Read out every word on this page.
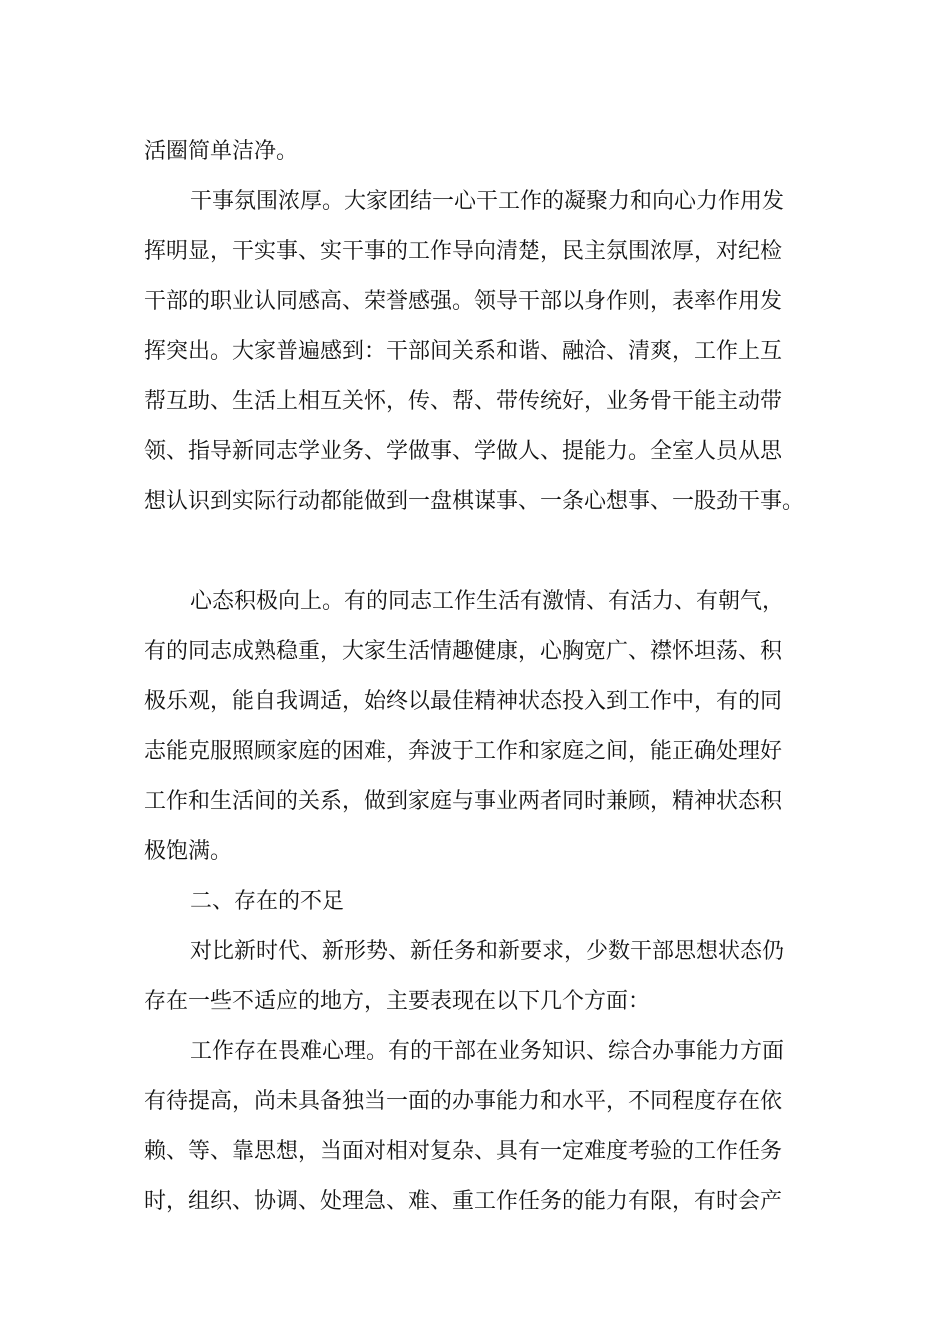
活圈简单洁净。
干事氛围浓厚。大家团结一心干工作的凝聚力和向心力作用发
挥明显，干实事、实干事的工作导向清楚，民主氛围浓厚，对纪检
干部的职业认同感高、荣誉感强。领导干部以身作则，表率作用发
挥突出。大家普遍感到：干部间关系和谐、融洽、清爽，工作上互
帮互助、生活上相互关怀，传、帮、带传统好，业务骨干能主动带
领、指导新同志学业务、学做事、学做人、提能力。全室人员从思
想认识到实际行动都能做到一盘棋谋事、一条心想事、一股劲干事。
心态积极向上。有的同志工作生活有激情、有活力、有朝气，
有的同志成熟稳重，大家生活情趣健康，心胸宽广、襟怀坦荡、积
极乐观，能自我调适，始终以最佳精神状态投入到工作中，有的同
志能克服照顾家庭的困难，奔波于工作和家庭之间，能正确处理好
工作和生活间的关系，做到家庭与事业两者同时兼顾，精神状态积
极饱满。
二、存在的不足
对比新时代、新形势、新任务和新要求，少数干部思想状态仍
存在一些不适应的地方，主要表现在以下几个方面：
工作存在畏难心理。有的干部在业务知识、综合办事能力方面
有待提高，尚未具备独当一面的办事能力和水平，不同程度存在依
赖、等、靠思想，当面对相对复杂、具有一定难度考验的工作任务
时，组织、协调、处理急、难、重工作任务的能力有限，有时会产
